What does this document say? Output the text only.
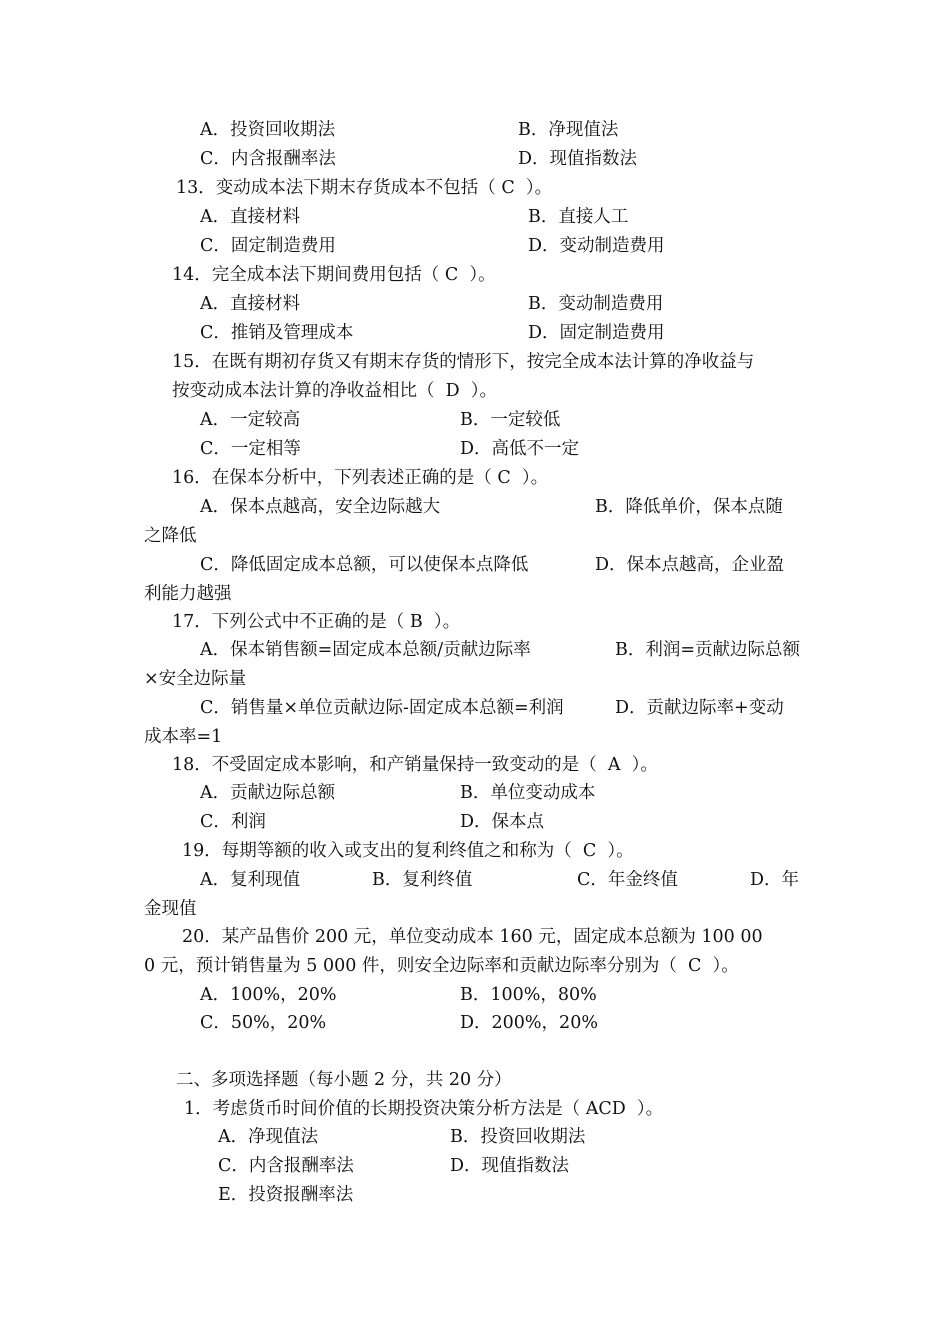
A．投资回收期法	B．净现值法
C．内含报酬率法	D．现值指数法
13．变动成本法下期末存货成本不包括（ C  ）。
A．直接材料	B．直接人工
C．固定制造费用	D．变动制造费用
14．完全成本法下期间费用包括（ C  ）。
A．直接材料	B．变动制造费用
C．推销及管理成本	D．固定制造费用
15．在既有期初存货又有期末存货的情形下，按完全成本法计算的净收益与
按变动成本法计算的净收益相比（  D  ）。
A．一定较高	B．一定较低
C．一定相等	D．高低不一定
16．在保本分析中，下列表述正确的是（ C  ）。
A．保本点越高，安全边际越大	B．降低单价，保本点随
之降低
C．降低固定成本总额，可以使保本点降低	D．保本点越高，企业盈
利能力越强
17．下列公式中不正确的是（ B  ）。
A．保本销售额=固定成本总额/贡献边际率	B．利润=贡献边际总额
×安全边际量
C．销售量×单位贡献边际-固定成本总额=利润	D．贡献边际率+变动
成本率=1
18．不受固定成本影响，和产销量保持一致变动的是（  A  ）。
A．贡献边际总额	B．单位变动成本
C．利润	D．保本点
19．每期等额的收入或支出的复利终值之和称为（  C  ）。
A．复利现值	B．复利终值	C．年金终值	D．年
金现值
20．某产品售价 200 元，单位变动成本 160 元，固定成本总额为 100 00
0 元，预计销售量为 5 000 件，则安全边际率和贡献边际率分别为（  C  ）。
A．100%，20%	B．100%，80%
C．50%，20%	D．200%，20%
二、多项选择题（每小题 2 分，共 20 分）
1．考虑货币时间价值的长期投资决策分析方法是（ ACD  ）。
A．净现值法	B．投资回收期法
C．内含报酬率法	D．现值指数法
E．投资报酬率法
